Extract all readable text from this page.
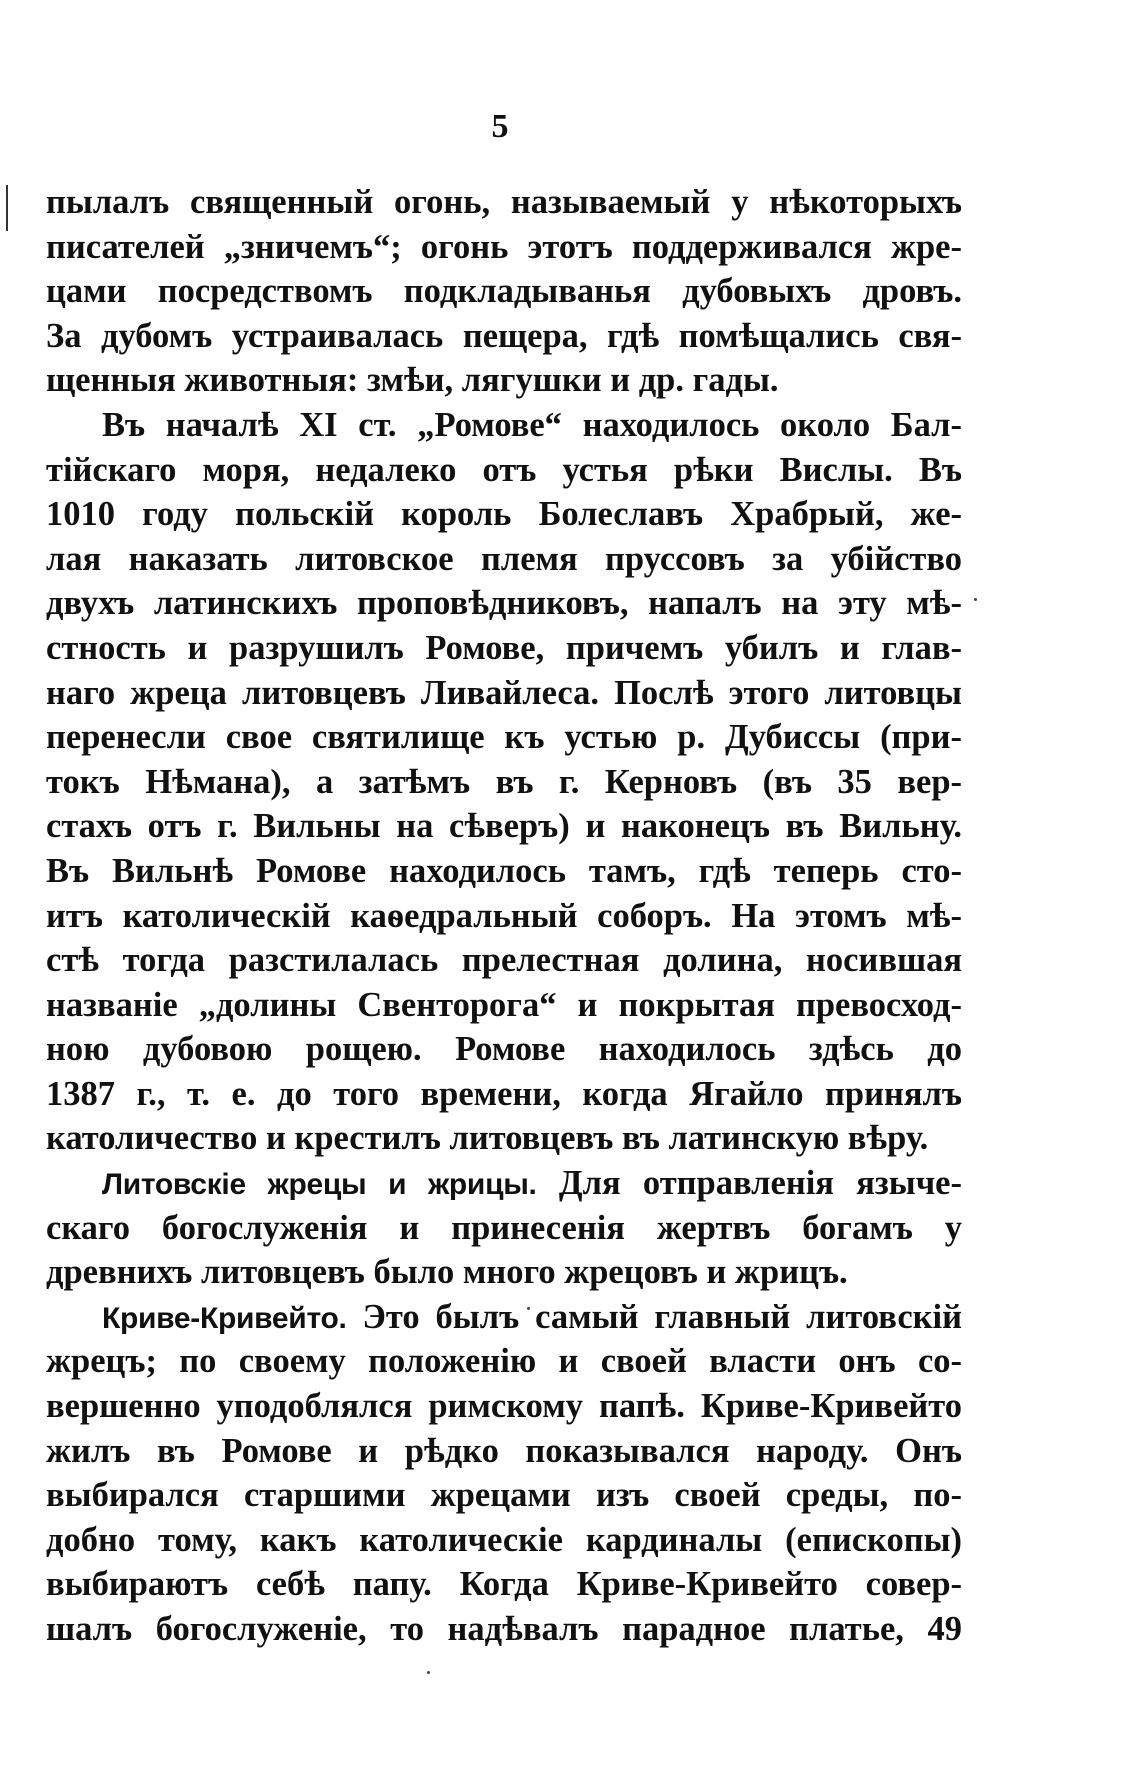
5
пылалъ священный огонь, называемый у нѣкоторыхъ
писателей „зничемъ“; огонь этотъ поддерживался жре-
цами посредствомъ подкладыванья дубовыхъ дровъ.
За дубомъ устраивалась пещера, гдѣ помѣщались свя-
щенныя животныя: змѣи, лягушки и др. гады.
Въ началѣ XI ст. „Ромове“ находилось около Бал-
тійскаго моря, недалеко отъ устья рѣки Вислы. Въ
1010 году польскій король Болеславъ Храбрый, же-
лая наказать литовское племя пруссовъ за убійство
двухъ латинскихъ проповѣдниковъ, напалъ на эту мѣ-
стность и разрушилъ Ромове, причемъ убилъ и глав-
наго жреца литовцевъ Ливайлеса. Послѣ этого литовцы
перенесли свое святилище къ устью р. Дубиссы (при-
токъ Нѣмана), а затѣмъ въ г. Керновъ (въ 35 вер-
стахъ отъ г. Вильны на сѣверъ) и наконецъ въ Вильну.
Въ Вильнѣ Ромове находилось тамъ, гдѣ теперь сто-
итъ католическій каѳедральный соборъ. На этомъ мѣ-
стѣ тогда разстилалась прелестная долина, носившая
названіе „долины Свенторога“ и покрытая превосход-
ною дубовою рощею. Ромове находилось здѣсь до
1387 г., т. е. до того времени, когда Ягайло принялъ
католичество и крестилъ литовцевъ въ латинскую вѣру.
Литовскіе жрецы и жрицы. Для отправленія языче-
скаго богослуженія и принесенія жертвъ богамъ у
древнихъ литовцевъ было много жрецовъ и жрицъ.
Криве-Кривейто. Это былъ самый главный литовскій
жрецъ; по своему положенію и своей власти онъ со-
вершенно уподоблялся римскому папѣ. Криве-Кривейто
жилъ въ Ромове и рѣдко показывался народу. Онъ
выбирался старшими жрецами изъ своей среды, по-
добно тому, какъ католическіе кардиналы (епископы)
выбираютъ себѣ папу. Когда Криве-Кривейто совер-
шалъ богослуженіе, то надѣвалъ парадное платье, 49
